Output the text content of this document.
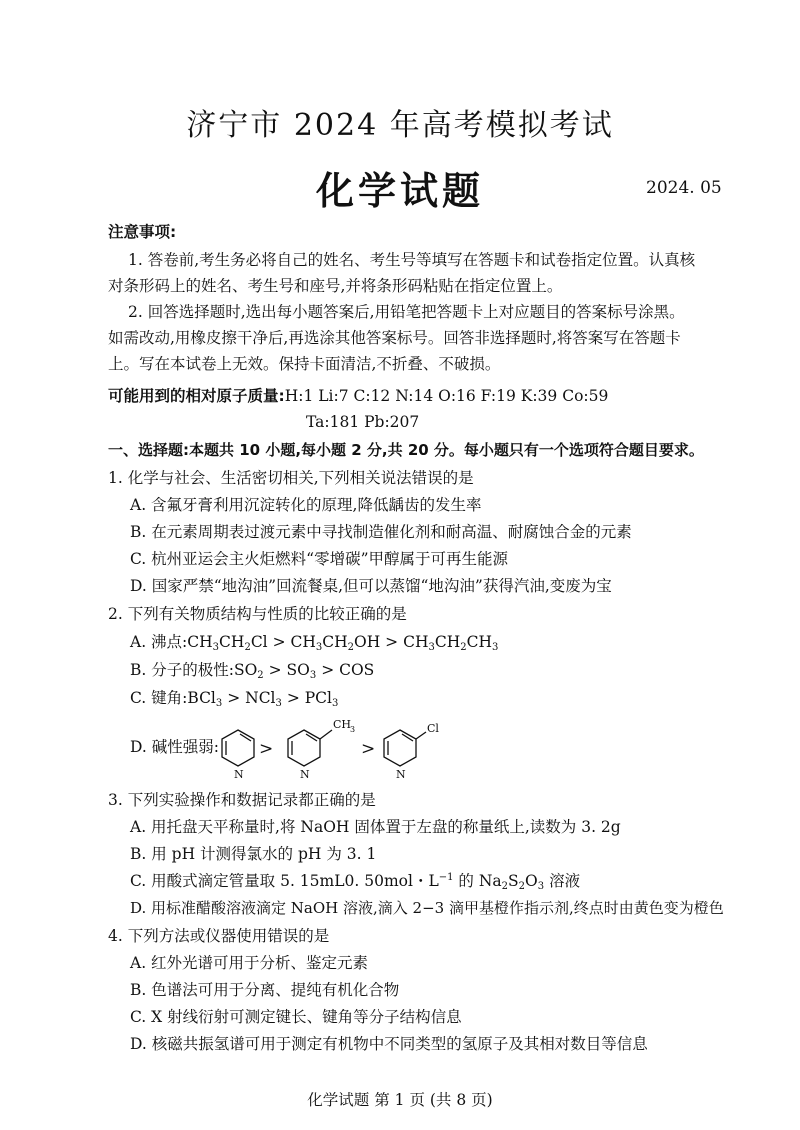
济宁市 2024 年高考模拟考试
化学试题	2024. 05
注意事项:
1. 答卷前,考生务必将自己的姓名、考生号等填写在答题卡和试卷指定位置。认真核
对条形码上的姓名、考生号和座号,并将条形码粘贴在指定位置上。
2. 回答选择题时,选出每小题答案后,用铅笔把答题卡上对应题目的答案标号涂黑。
如需改动,用橡皮擦干净后,再选涂其他答案标号。回答非选择题时,将答案写在答题卡
上。写在本试卷上无效。保持卡面清洁,不折叠、不破损。
可能用到的相对原子质量:H:1 Li:7 C:12 N:14 O:16 F:19 K:39 Co:59
Ta:181 Pb:207
一、选择题:本题共 10 小题,每小题 2 分,共 20 分。每小题只有一个选项符合题目要求。
1. 化学与社会、生活密切相关,下列相关说法错误的是
A. 含氟牙膏利用沉淀转化的原理,降低龋齿的发生率
B. 在元素周期表过渡元素中寻找制造催化剂和耐高温、耐腐蚀合金的元素
C. 杭州亚运会主火炬燃料“零增碳”甲醇属于可再生能源
D. 国家严禁“地沟油”回流餐桌,但可以蒸馏“地沟油”获得汽油,变废为宝
2. 下列有关物质结构与性质的比较正确的是
A. 沸点$:CH_3CH_2Cl > CH_3CH_2OH > CH_3CH_2CH_3$
B. 分子的极性$:SO_2 > SO_3$ > COS
C. 键角:BCl$_3$ > NCl$_3$ > PCl$_3$
D. 碱性强弱:
N	N	N
CH
3	Cl
>	>
3. 下列实验操作和数据记录都正确的是
A. 用托盘天平称量时,将 NaOH 固体置于左盘的称量纸上,读数为 3. 2g
B. 用 pH 计测得氯水的 pH 为 3. 1
C. 用酸式滴定管量取 5. 15mL0. 50mol・$L^{-1}$ 的 $Na_2S_2O_3$ 溶液
D. 用标准醋酸溶液滴定 NaOH 溶液,滴入 2−3 滴甲基橙作指示剂,终点时由黄色变为橙色
4. 下列方法或仪器使用错误的是
A. 红外光谱可用于分析、鉴定元素
B. 色谱法可用于分离、提纯有机化合物
C. X 射线衍射可测定键长、键角等分子结构信息
D. 核磁共振氢谱可用于测定有机物中不同类型的氢原子及其相对数目等信息
化学试题 第 1 页 (共 8 页)
